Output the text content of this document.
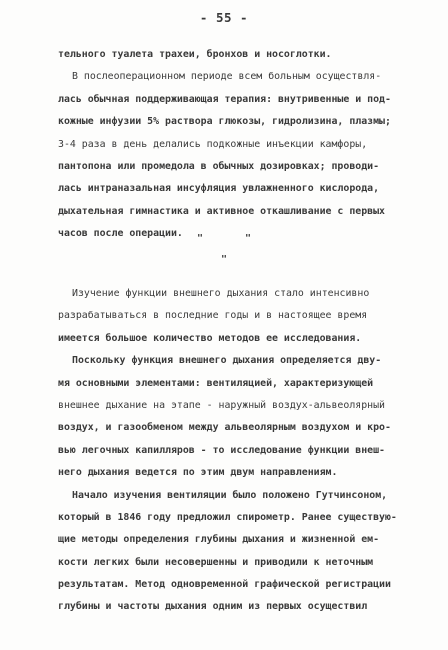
- 55 -
тельного туалета трахеи, бронхов и носоглотки.
В послеоперационном периоде всем больным осуществля-
лась обычная поддерживающая терапия: внутривенные и под-
кожные инфузии 5% раствора глюкозы, гидролизина, плазмы;
3-4 раза в день делались подкожные инъекции камфоры,
пантопона или промедола в обычных дозировках; проводи-
лась интраназальная инсуфляция увлажненного кислорода,
дыхательная гимнастика и активное откашливание с первых
часов после операции.	" "
"
Изучение функции внешнего дыхания стало интенсивно
разрабатываться в последние годы и в настоящее время
имеется большое количество методов ее исследования.
Поскольку функция внешнего дыхания определяется дву-
мя основными элементами: вентиляцией, характеризующей
внешнее дыхание на этапе - наружный воздух-альвеолярный
воздух, и газообменом между альвеолярным воздухом и кро-
вью легочных капилляров - то исследование функции внеш-
него дыхания ведется по этим двум направлениям.
Начало изучения вентиляции было положено Гутчинсоном,
который в 1846 году предложил спирометр. Ранее существую-
щие методы определения глубины дыхания и жизненной ем-
кости легких были несовершенны и приводили к неточным
результатам. Метод одновременной графической регистрации
глубины и частоты дыхания одним из первых осуществил
